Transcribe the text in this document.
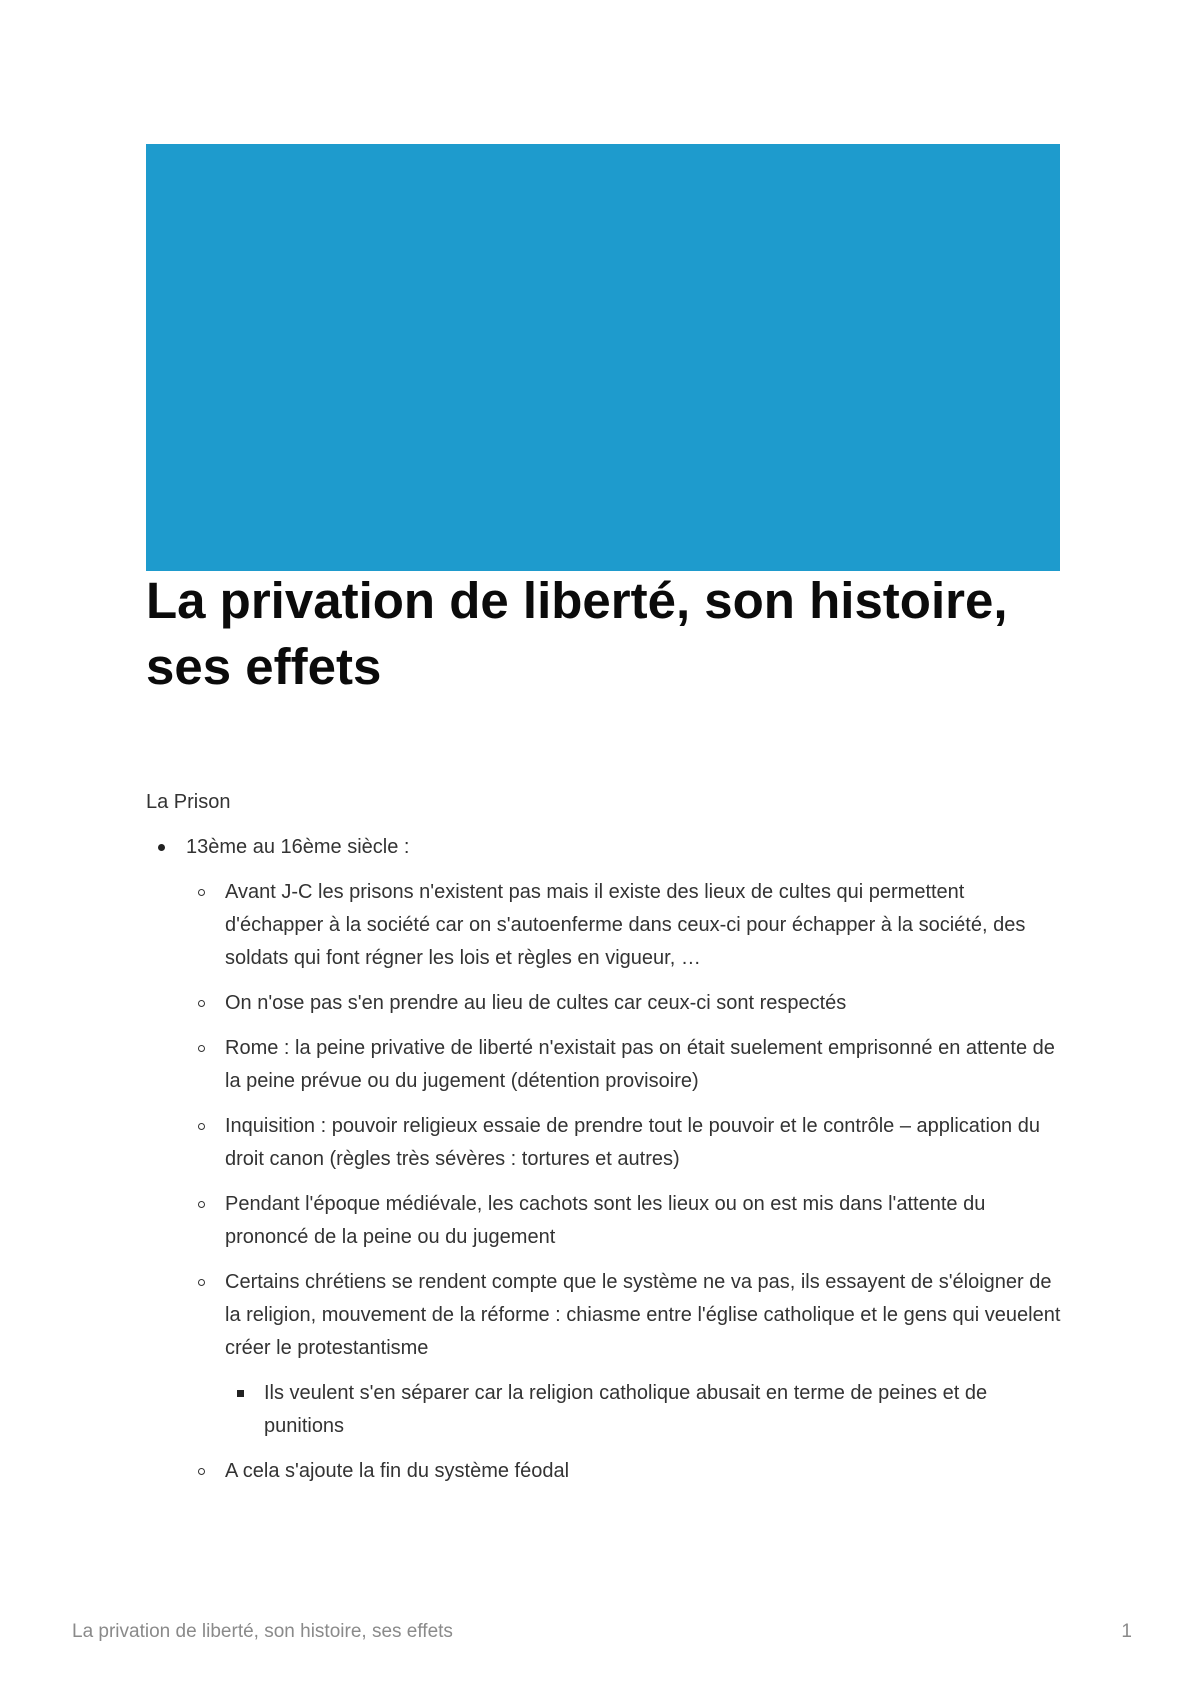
La privation de liberté, son histoire, ses effets

La Prison

13ème au 16ème siècle :
Avant J-C les prisons n'existent pas mais il existe des lieux de cultes qui permettent d'échapper à la société car on s'autoenferme dans ceux-ci pour échapper à la société, des soldats qui font régner les lois et règles en vigueur, …
On n'ose pas s'en prendre au lieu de cultes car ceux-ci sont respectés
Rome : la peine privative de liberté n'existait pas on était suelement emprisonné en attente de la peine prévue ou du jugement (détention provisoire)
Inquisition : pouvoir religieux essaie de prendre tout le pouvoir et le contrôle – application du droit canon (règles très sévères : tortures et autres)
Pendant l'époque médiévale, les cachots sont les lieux ou on est mis dans l'attente du prononcé de la peine ou du jugement
Certains chrétiens se rendent compte que le système ne va pas, ils essayent de s'éloigner de la religion, mouvement de la réforme : chiasme entre l'église catholique et le gens qui veuelent créer le protestantisme
Ils veulent s'en séparer car la religion catholique abusait en terme de peines et de punitions
A cela s'ajoute la fin du système féodal
La privation de liberté, son histoire, ses effets	1
